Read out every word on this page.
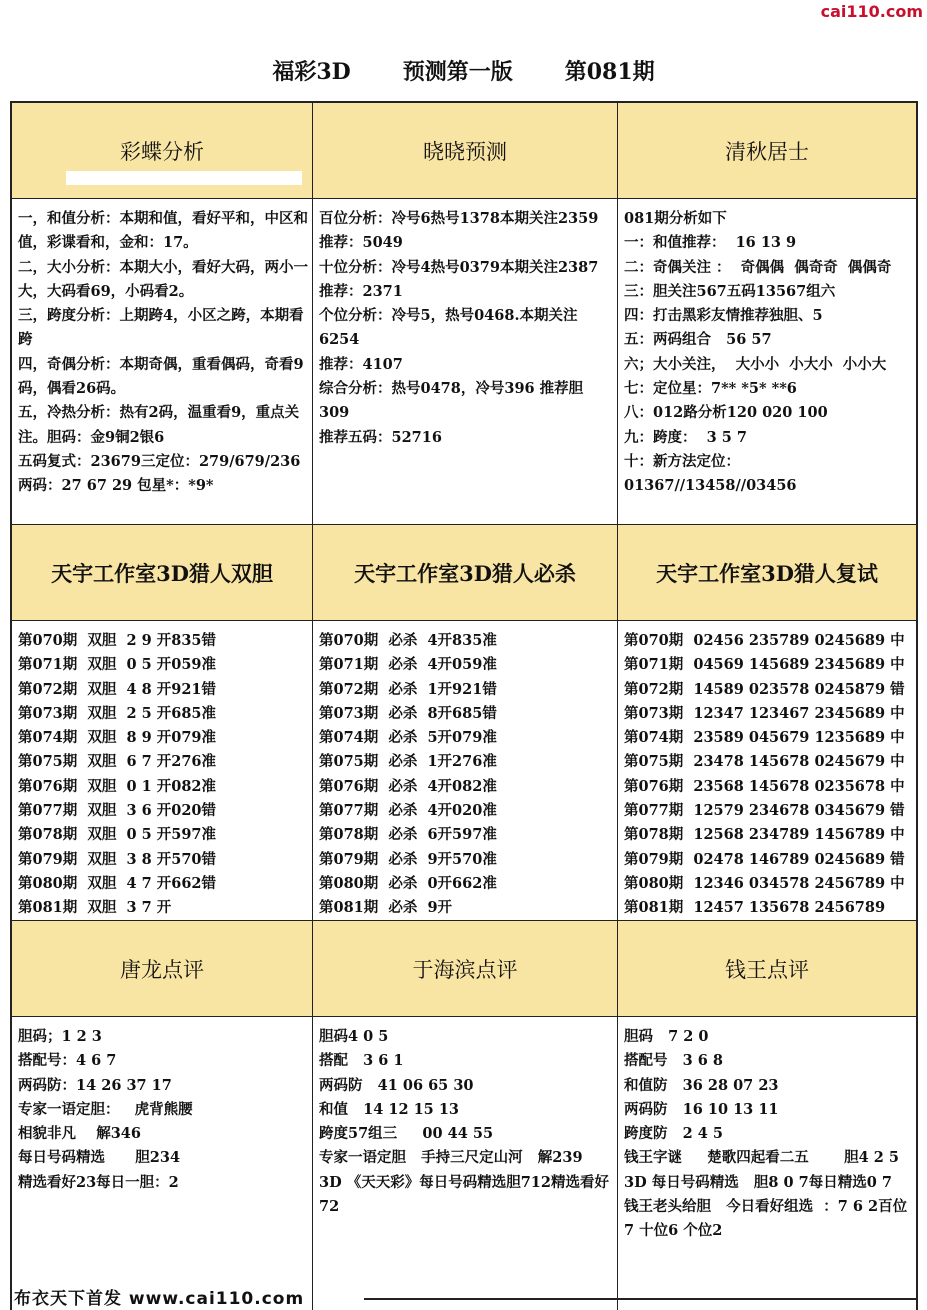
cai110.com
福彩3D 预测第一版 第081期
彩蝶分析	晓晓预测	清秋居士
一，和值分析：本期和值，看好平和，中区和值，彩谍看和，金和：17。
二，大小分析：本期大小，看好大码，两小一大，大码看69，小码看2。
三，跨度分析：上期跨4，小区之跨，本期看跨
四，奇偶分析：本期奇偶，重看偶码，奇看9码，偶看26码。
五，冷热分析：热有2码，温重看9，重点关注。胆码：金9铜2银6
五码复式：23679三定位：279/679/236 两码：27 67 29 包星*：*9*
百位分析：冷号6热号1378本期关注2359
推荐：5049
十位分析：冷号4热号0379本期关注2387
推荐：2371
个位分析：冷号5，热号0468.本期关注6254
推荐：4107
综合分析：热号0478，冷号396 推荐胆309
推荐五码：52716
081期分析如下
一：和值推荐：  16 13 9
二：奇偶关注 ：  奇偶偶  偶奇奇  偶偶奇
三：胆关注567五码13567组六
四：打击黑彩友情推荐独胆、5
五：两码组合   56 57
六；大小关注，  大小小  小大小  小小大
七：定位星：7** *5* **6
八：012路分析120 020 100
九：跨度：  3 5 7
十：新方法定位：  01367//13458//03456
天宇工作室3D猎人双胆	天宇工作室3D猎人必杀	天宇工作室3D猎人复试
第070期  双胆  2 9 开835错
第071期  双胆  0 5 开059准
第072期  双胆  4 8 开921错
第073期  双胆  2 5 开685准
第074期  双胆  8 9 开079准
第075期  双胆  6 7 开276准
第076期  双胆  0 1 开082准
第077期  双胆  3 6 开020错
第078期  双胆  0 5 开597准
第079期  双胆  3 8 开570错
第080期  双胆  4 7 开662错
第081期  双胆  3 7 开
第070期  必杀  4开835准
第071期  必杀  4开059准
第072期  必杀  1开921错
第073期  必杀  8开685错
第074期  必杀  5开079准
第075期  必杀  1开276准
第076期  必杀  4开082准
第077期  必杀  4开020准
第078期  必杀  6开597准
第079期  必杀  9开570准
第080期  必杀  0开662准
第081期  必杀  9开
第070期  02456 235789 0245689 中
第071期  04569 145689 2345689 中
第072期  14589 023578 0245879 错
第073期  12347 123467 2345689 中
第074期  23589 045679 1235689 中
第075期  23478 145678 0245679 中
第076期  23568 145678 0235678 中
第077期  12579 234678 0345679 错
第078期  12568 234789 1456789 中
第079期  02478 146789 0245689 错
第080期  12346 034578 2456789 中
第081期  12457 135678 2456789
唐龙点评	于海滨点评	钱王点评
胆码；1 2 3
搭配号：4 6 7
两码防：14 26 37 17
专家一语定胆：   虎背熊腰
相貌非凡    解346
每日号码精选      胆234
精选看好23每日一胆：2
胆码4 0 5
搭配   3 6 1
两码防   41 06 65 30
和值   14 12 15 13
跨度57组三     00 44 55
专家一语定胆   手持三尺定山河   解239
3D 《天天彩》每日号码精选胆712精选看好72
胆码   7 2 0
搭配号   3 6 8
和值防   36 28 07 23
两码防   16 10 13 11
跨度防   2 4 5
钱王字谜     楚歌四起看二五       胆4 2 5
3D 每日号码精选   胆8 0 7每日精选0 7
钱王老头给胆   今日看好组选  ：7 6 2百位7 十位6 个位2
布衣天下首发 www.cai110.com
